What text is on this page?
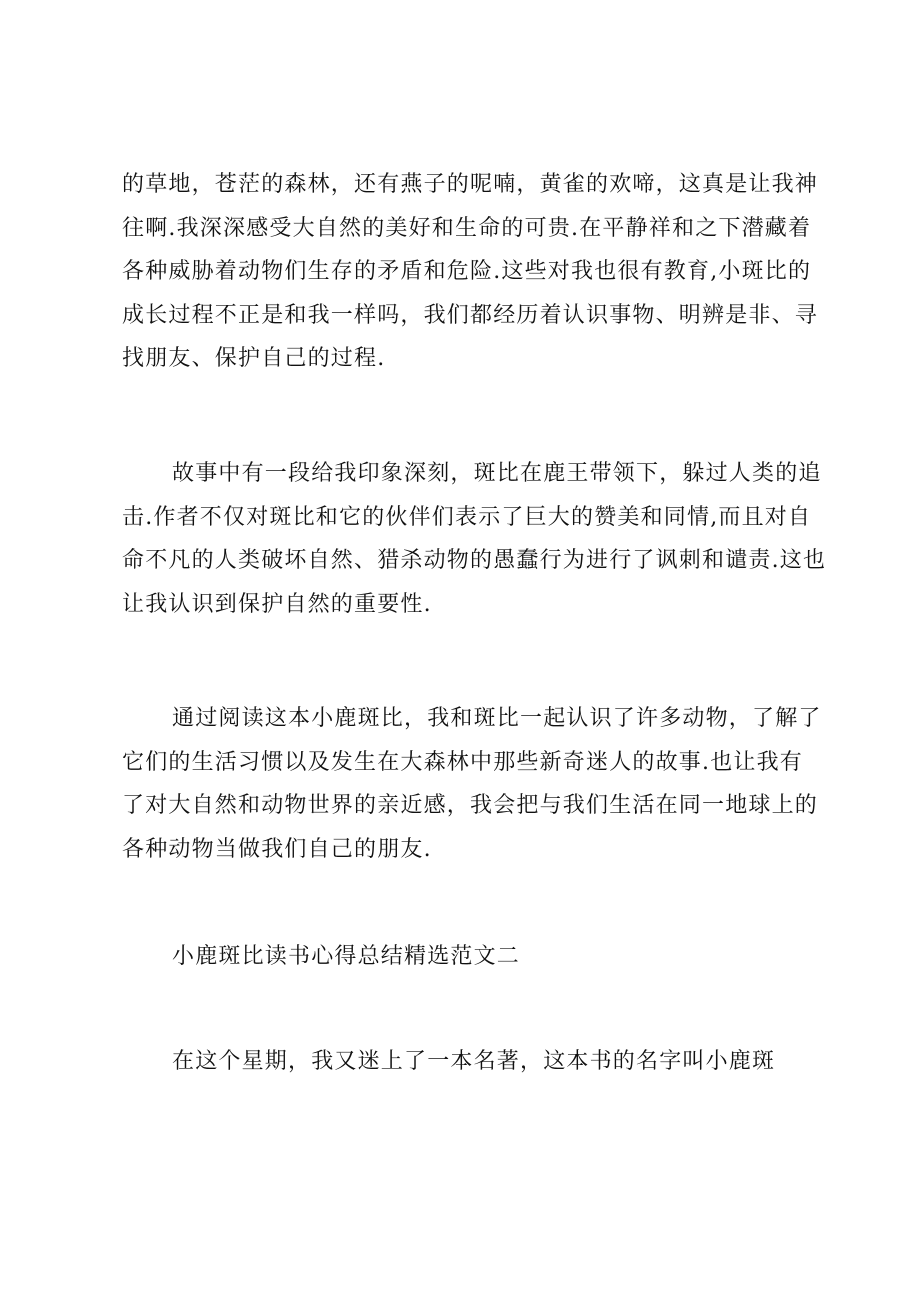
的草地，苍茫的森林，还有燕子的呢喃，黄雀的欢啼，这真是让我神
往啊.我深深感受大自然的美好和生命的可贵.在平静祥和之下潜藏着
各种威胁着动物们生存的矛盾和危险.这些对我也很有教育,小斑比的
成长过程不正是和我一样吗，我们都经历着认识事物、明辨是非、寻
找朋友、保护自己的过程.

故事中有一段给我印象深刻，斑比在鹿王带领下，躲过人类的追
击.作者不仅对斑比和它的伙伴们表示了巨大的赞美和同情,而且对自
命不凡的人类破坏自然、猎杀动物的愚蠢行为进行了讽刺和谴责.这也
让我认识到保护自然的重要性.

通过阅读这本小鹿斑比，我和斑比一起认识了许多动物，了解了
它们的生活习惯以及发生在大森林中那些新奇迷人的故事.也让我有
了对大自然和动物世界的亲近感，我会把与我们生活在同一地球上的
各种动物当做我们自己的朋友.

小鹿斑比读书心得总结精选范文二

在这个星期，我又迷上了一本名著，这本书的名字叫小鹿斑
